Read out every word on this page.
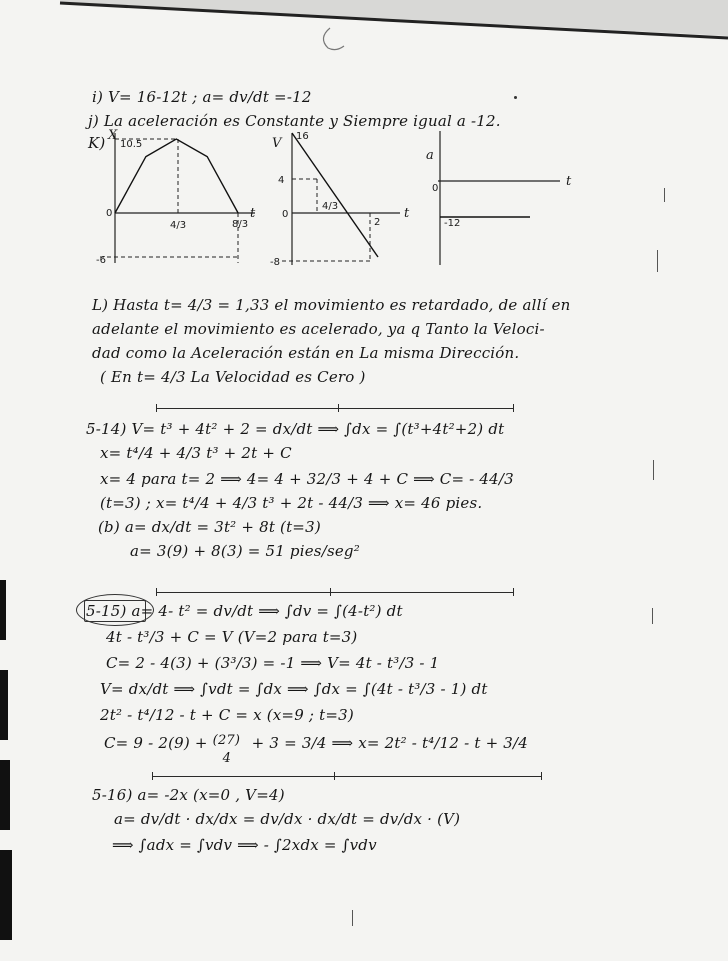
i) V= 16-12t ; a= dv/dt =-12
j) La aceleración es Constante y Siempre igual a -12.
K) X
10.5
-6
0
4/3	8/3
t
V 16
4
-8
0
4/3
2
t
a
0
-12
t
L) Hasta t= 4/3 = 1,33 el movimiento es retardado, de allí en
adelante el movimiento es acelerado, ya q Tanto la Veloci-
dad como la Aceleración están en La misma Dirección.
( En t= 4/3 La Velocidad es Cero )
5-14) V= t³ + 4t² + 2 = dx/dt ⟹ ∫dx = ∫(t³+4t²+2) dt
x= t⁴/4 + 4/3 t³ + 2t + C
x= 4 para t= 2 ⟹ 4= 4 + 32/3 + 4 + C ⟹ C= - 44/3
(t=3) ; x= t⁴/4 + 4/3 t³ + 2t - 44/3 ⟹ x= 46 pies.
(b) a= dx/dt = 3t² + 8t (t=3)
a= 3(9) + 8(3) = 51 pies/seg²
5-15) a= 4- t² = dv/dt ⟹ ∫dv = ∫(4-t²) dt
4t - t³/3 + C = V (V=2 para t=3)
C= 2 - 4(3) + (3³/3) = -1 ⟹ V= 4t - t³/3 - 1
V= dx/dt ⟹ ∫vdt = ∫dx ⟹ ∫dx = ∫(4t - t³/3 - 1) dt
2t² - t⁴/12 - t + C = x (x=9 ; t=3)
C= 9 - 2(9) + (27)
4
+ 3 = 3/4 ⟹ x= 2t² - t⁴/12 - t + 3/4
5-16) a= -2x (x=0 , V=4)
a= dv/dt · dx/dx = dv/dx · dx/dt = dv/dx · (V)
⟹ ∫adx = ∫vdv ⟹ - ∫2xdx = ∫vdv
